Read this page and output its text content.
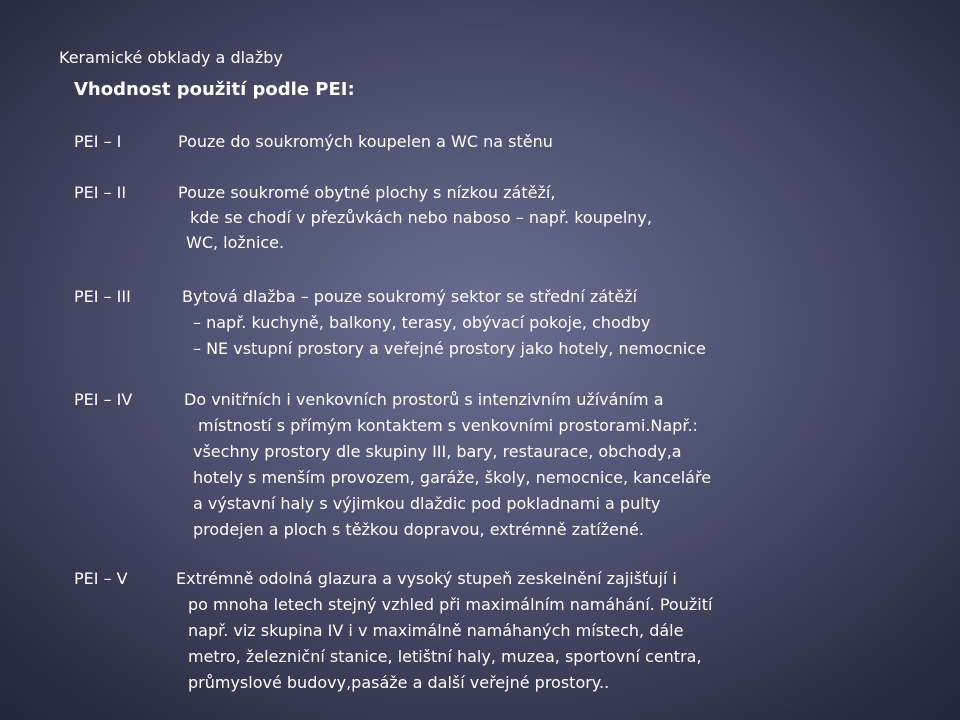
Keramické obklady a dlažby
Vhodnost použití podle PEI:
PEI – I	Pouze do soukromých koupelen a WC na stěnu
PEI – II	Pouze soukromé obytné plochy s nízkou zátěží,
kde se chodí v přezůvkách nebo naboso – např. koupelny,
WC, ložnice.
PEI – III	Bytová dlažba – pouze soukromý sektor se střední zátěží
– např. kuchyně, balkony, terasy, obývací pokoje, chodby
– NE vstupní prostory a veřejné prostory jako hotely, nemocnice
PEI – IV	Do vnitřních i venkovních prostorů s intenzivním užíváním a
místností s přímým kontaktem s venkovními prostorami.Např.:
všechny prostory dle skupiny III, bary, restaurace, obchody,a
hotely s menším provozem, garáže, školy, nemocnice, kanceláře
a výstavní haly s výjimkou dlaždic pod pokladnami a pulty
prodejen a ploch s těžkou dopravou, extrémně zatížené.
PEI – V	Extrémně odolná glazura a vysoký stupeň zeskelnění zajišťují i
po mnoha letech stejný vzhled při maximálním namáhání. Použití
např. viz skupina IV i v maximálně namáhaných místech, dále
metro, železniční stanice, letištní haly, muzea, sportovní centra,
průmyslové budovy,pasáže a další veřejné prostory..
